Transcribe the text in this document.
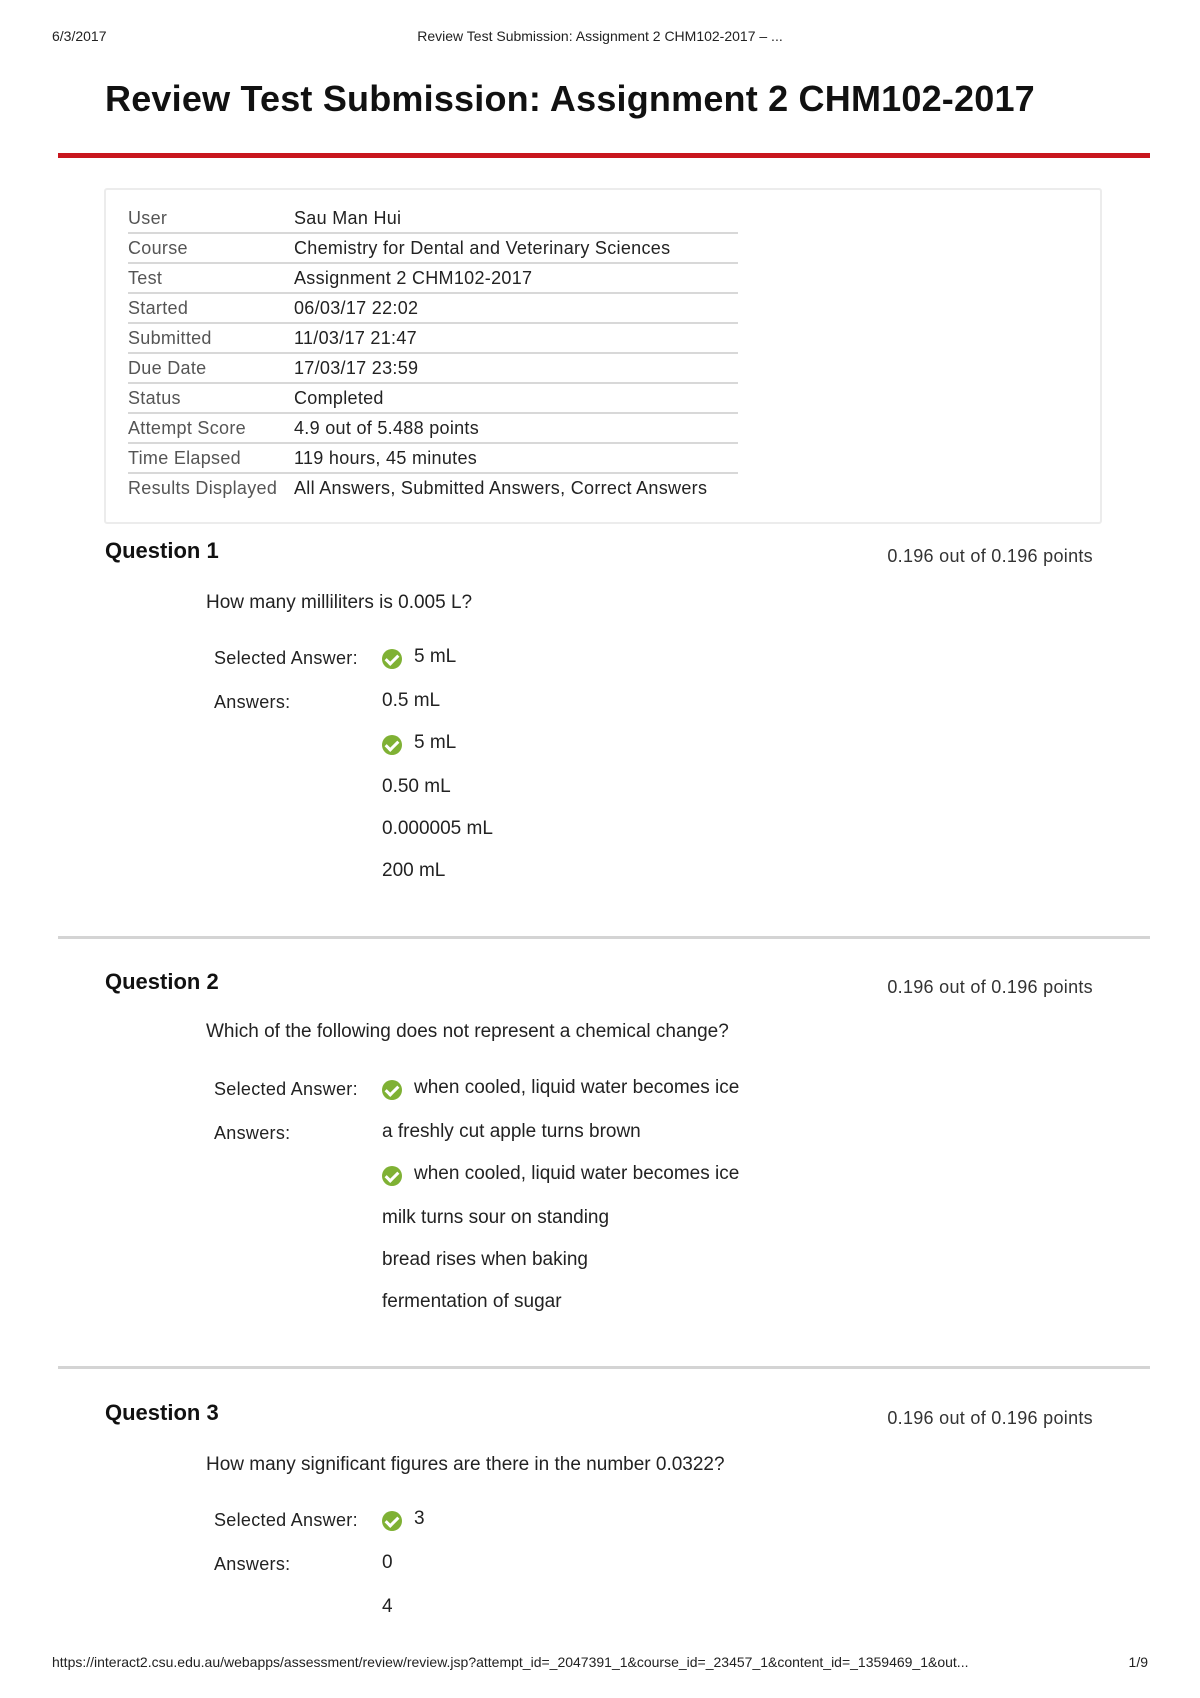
6/3/2017	Review Test Submission: Assignment 2 CHM102-2017 – ...
Review Test Submission: Assignment 2 CHM102-2017
User	Sau Man Hui
Course	Chemistry for Dental and Veterinary Sciences
Test	Assignment 2 CHM102-2017
Started	06/03/17 22:02
Submitted	11/03/17 21:47
Due Date	17/03/17 23:59
Status	Completed
Attempt Score	4.9 out of 5.488 points
Time Elapsed	119 hours, 45 minutes
Results Displayed	All Answers, Submitted Answers, Correct Answers
Question 1	0.196 out of 0.196 points
How many milliliters is 0.005 L?
Selected Answer:	5 mL
Answers:	0.5 mL
5 mL
0.50 mL
0.000005 mL
200 mL
Question 2	0.196 out of 0.196 points
Which of the following does not represent a chemical change?
Selected Answer:	when cooled, liquid water becomes ice
Answers:	a freshly cut apple turns brown
when cooled, liquid water becomes ice
milk turns sour on standing
bread rises when baking
fermentation of sugar
Question 3	0.196 out of 0.196 points
How many significant figures are there in the number 0.0322?
Selected Answer:	3
Answers:	0
4
https://interact2.csu.edu.au/webapps/assessment/review/review.jsp?attempt_id=_2047391_1&course_id=_23457_1&content_id=_1359469_1&out...	1/9
